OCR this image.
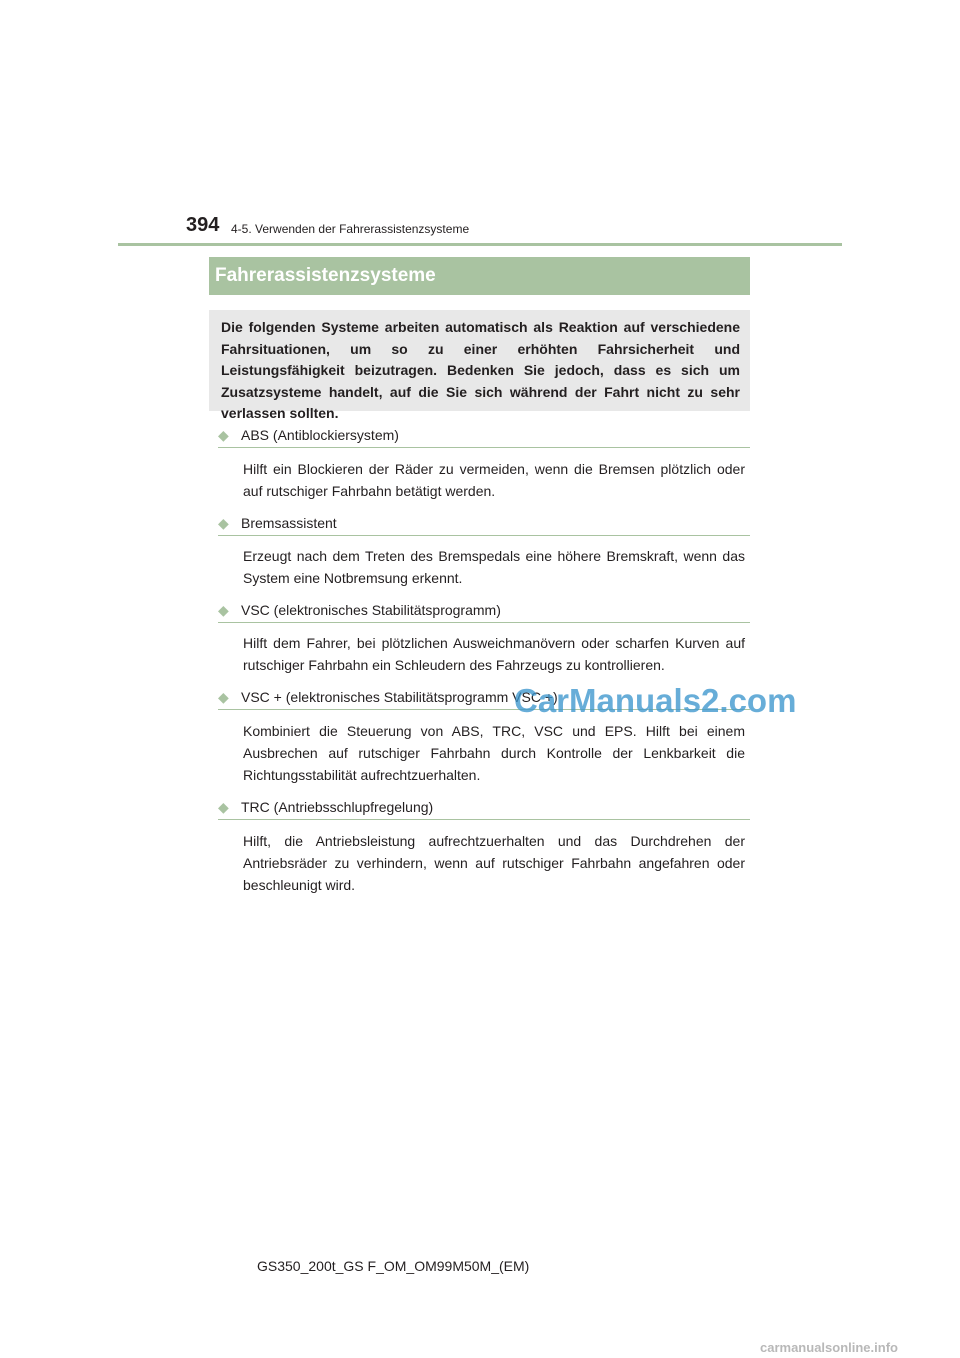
394 4-5. Verwenden der Fahrerassistenzsysteme
Fahrerassistenzsysteme
Die folgenden Systeme arbeiten automatisch als Reaktion auf verschiedene Fahrsituationen, um so zu einer erhöhten Fahrsicherheit und Leistungsfähigkeit beizutragen. Bedenken Sie jedoch, dass es sich um Zusatzsysteme handelt, auf die Sie sich während der Fahrt nicht zu sehr verlassen sollten.
◆ ABS (Antiblockiersystem)
Hilft ein Blockieren der Räder zu vermeiden, wenn die Bremsen plötzlich oder auf rutschiger Fahrbahn betätigt werden.
◆ Bremsassistent
Erzeugt nach dem Treten des Bremspedals eine höhere Bremskraft, wenn das System eine Notbremsung erkennt.
◆ VSC (elektronisches Stabilitätsprogramm)
Hilft dem Fahrer, bei plötzlichen Ausweichmanövern oder scharfen Kurven auf rutschiger Fahrbahn ein Schleudern des Fahrzeugs zu kontrollieren.
◆ VSC + (elektronisches Stabilitätsprogramm VSC +)
Kombiniert die Steuerung von ABS, TRC, VSC und EPS. Hilft bei einem Ausbrechen auf rutschiger Fahrbahn durch Kontrolle der Lenkbarkeit die Richtungsstabilität aufrechtzuerhalten.
◆ TRC (Antriebsschlupfregelung)
Hilft, die Antriebsleistung aufrechtzuerhalten und das Durchdrehen der Antriebsräder zu verhindern, wenn auf rutschiger Fahrbahn angefahren oder beschleunigt wird.
CarManuals2.com
GS350_200t_GS F_OM_OM99M50M_(EM)
carmanualsonline.info
